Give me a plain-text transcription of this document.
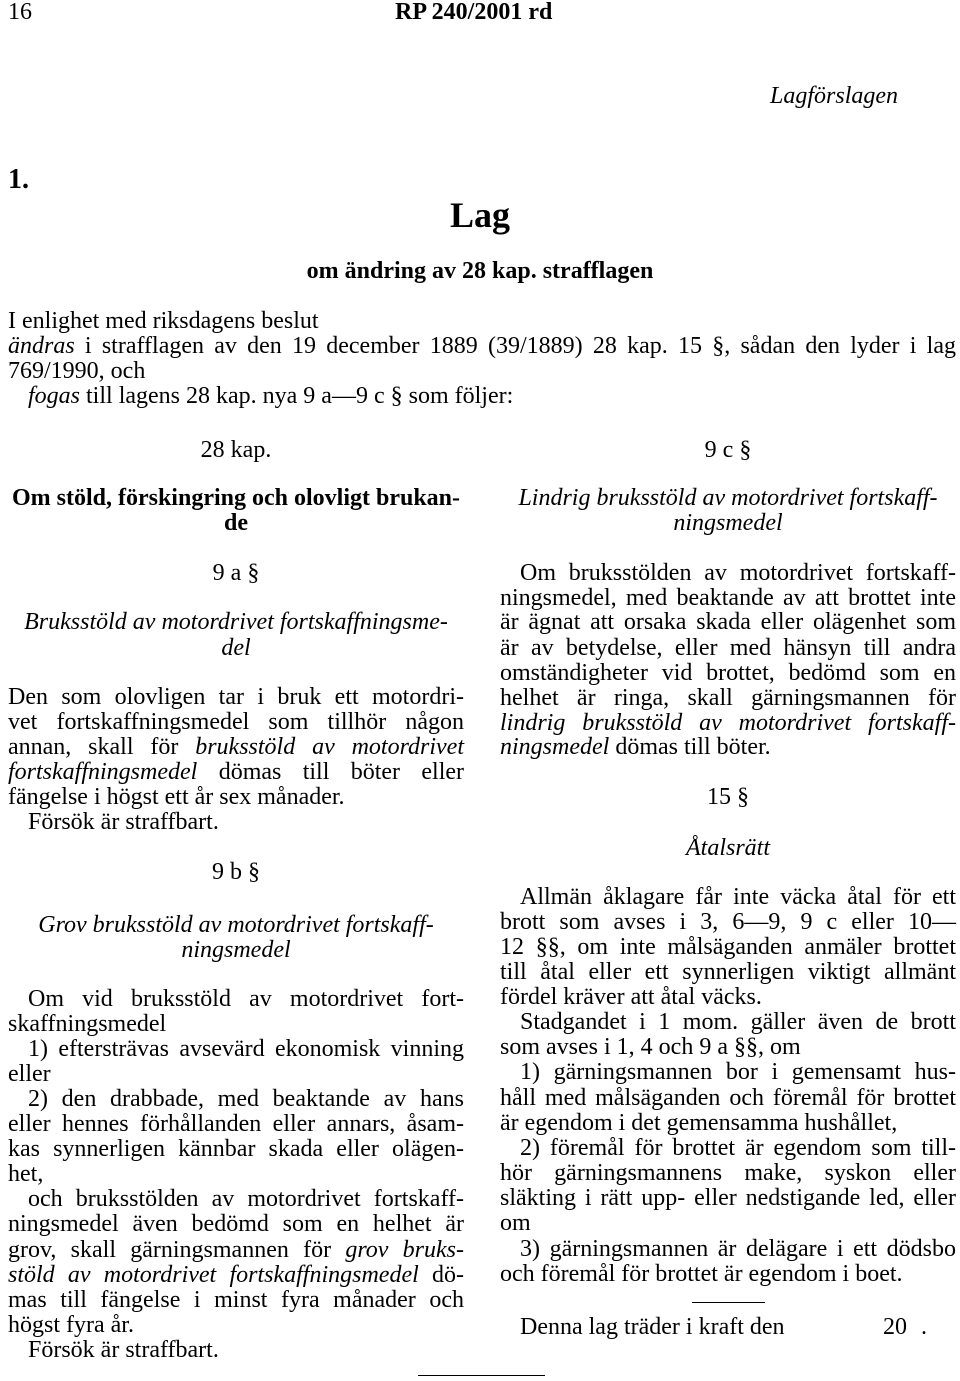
16	RP 240/2001 rd
Lagförslagen
1.
Lag
om ändring av 28 kap. strafflagen
I enlighet med riksdagens beslut
ändras i strafflagen av den 19 december 1889 (39/1889) 28 kap. 15 §, sådan den lyder i lag
769/1990, och
fogas till lagens 28 kap. nya 9 a—9 c § som följer:
28 kap.
Om stöld, förskingring och olovligt brukan-
de
9 a §
Bruksstöld av motordrivet fortskaffningsme-
del
Den som olovligen tar i bruk ett motordri-
vet fortskaffningsmedel som tillhör någon
annan, skall för bruksstöld av motordrivet
fortskaffningsmedel dömas till böter eller
fängelse i högst ett år sex månader.
Försök är straffbart.
9 b §
Grov bruksstöld av motordrivet fortskaff-
ningsmedel
Om vid bruksstöld av motordrivet fort-
skaffningsmedel
1) eftersträvas avsevärd ekonomisk vinning
eller
2) den drabbade, med beaktande av hans
eller hennes förhållanden eller annars, åsam-
kas synnerligen kännbar skada eller olägen-
het,
och bruksstölden av motordrivet fortskaff-
ningsmedel även bedömd som en helhet är
grov, skall gärningsmannen för grov bruks-
stöld av motordrivet fortskaffningsmedel dö-
mas till fängelse i minst fyra månader och
högst fyra år.
Försök är straffbart.
9 c §
Lindrig bruksstöld av motordrivet fortskaff-
ningsmedel
Om bruksstölden av motordrivet fortskaff-
ningsmedel, med beaktande av att brottet inte
är ägnat att orsaka skada eller olägenhet som
är av betydelse, eller med hänsyn till andra
omständigheter vid brottet, bedömd som en
helhet är ringa, skall gärningsmannen för
lindrig bruksstöld av motordrivet fortskaff-
ningsmedel dömas till böter.
15 §
Åtalsrätt
Allmän åklagare får inte väcka åtal för ett
brott som avses i 3, 6—9, 9 c eller 10—
12 §§, om inte målsäganden anmäler brottet
till åtal eller ett synnerligen viktigt allmänt
fördel kräver att åtal väcks.
Stadgandet i 1 mom. gäller även de brott
som avses i 1, 4 och 9 a §§, om
1) gärningsmannen bor i gemensamt hus-
håll med målsäganden och föremål för brottet
är egendom i det gemensamma hushållet,
2) föremål för brottet är egendom som till-
hör gärningsmannens make, syskon eller
släkting i rätt upp- eller nedstigande led, eller
om
3) gärningsmannen är delägare i ett dödsbo
och föremål för brottet är egendom i boet.
Denna lag träder i kraft den	20 .
